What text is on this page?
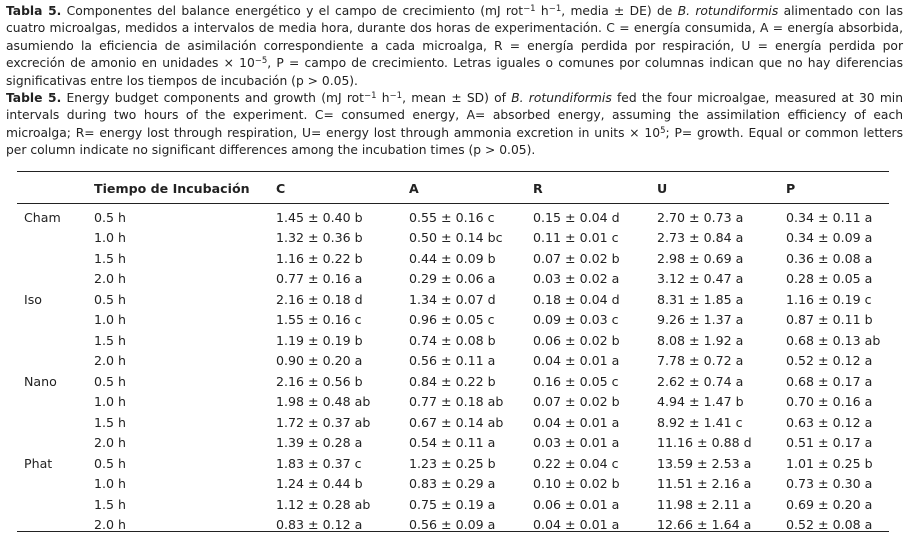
Tabla 5. Componentes del balance energético y el campo de crecimiento (mJ rot$^{-1}$ $h^{-1}$, media ± DE) de B. rotundiformis alimentado con las cuatro microalgas, medidos a intervalos de media hora, durante dos horas de experimentación. C = energía consumida, A = energía absorbida, asumiendo la eficiencia de asimilación correspondiente a cada microalga, R = energía perdida por respiración, U = energía perdida por excreción de amonio en unidades × $10^{-5}$, P = campo de crecimiento. Letras iguales o comunes por columnas indican que no hay diferencias significativas entre los tiempos de incubación (p > 0.05).

Table 5. Energy budget components and growth (mJ rot$^{-1}$ $h^{-1}$, mean ± SD) of B. rotundiformis fed the four microalgae, measured at 30 min intervals during two hours of the experiment. C= consumed energy, A= absorbed energy, assuming the assimilation efficiency of each microalga; R= energy lost through respiration, U= energy lost through ammonia excretion in units × $10^5$; P= growth. Equal or common letters per column indicate no significant differences among the incubation times (p > 0.05).

	Tiempo de Incubación	C	A	R	U	P
Cham	0.5 h	1.45 ± 0.40 b	0.55 ± 0.16 c	0.15 ± 0.04 d	2.70 ± 0.73 a	0.34 ± 0.11 a
	1.0 h	1.32 ± 0.36 b	0.50 ± 0.14 bc	0.11 ± 0.01 c	2.73 ± 0.84 a	0.34 ± 0.09 a
	1.5 h	1.16 ± 0.22 b	0.44 ± 0.09 b	0.07 ± 0.02 b	2.98 ± 0.69 a	0.36 ± 0.08 a
	2.0 h	0.77 ± 0.16 a	0.29 ± 0.06 a	0.03 ± 0.02 a	3.12 ± 0.47 a	0.28 ± 0.05 a
Iso	0.5 h	2.16 ± 0.18 d	1.34 ± 0.07 d	0.18 ± 0.04 d	8.31 ± 1.85 a	1.16 ± 0.19 c
	1.0 h	1.55 ± 0.16 c	0.96 ± 0.05 c	0.09 ± 0.03 c	9.26 ± 1.37 a	0.87 ± 0.11 b
	1.5 h	1.19 ± 0.19 b	0.74 ± 0.08 b	0.06 ± 0.02 b	8.08 ± 1.92 a	0.68 ± 0.13 ab
	2.0 h	0.90 ± 0.20 a	0.56 ± 0.11 a	0.04 ± 0.01 a	7.78 ± 0.72 a	0.52 ± 0.12 a
Nano	0.5 h	2.16 ± 0.56 b	0.84 ± 0.22 b	0.16 ± 0.05 c	2.62 ± 0.74 a	0.68 ± 0.17 a
	1.0 h	1.98 ± 0.48 ab	0.77 ± 0.18 ab	0.07 ± 0.02 b	4.94 ± 1.47 b	0.70 ± 0.16 a
	1.5 h	1.72 ± 0.37 ab	0.67 ± 0.14 ab	0.04 ± 0.01 a	8.92 ± 1.41 c	0.63 ± 0.12 a
	2.0 h	1.39 ± 0.28 a	0.54 ± 0.11 a	0.03 ± 0.01 a	11.16 ± 0.88 d	0.51 ± 0.17 a
Phat	0.5 h	1.83 ± 0.37 c	1.23 ± 0.25 b	0.22 ± 0.04 c	13.59 ± 2.53 a	1.01 ± 0.25 b
	1.0 h	1.24 ± 0.44 b	0.83 ± 0.29 a	0.10 ± 0.02 b	11.51 ± 2.16 a	0.73 ± 0.30 a
	1.5 h	1.12 ± 0.28 ab	0.75 ± 0.19 a	0.06 ± 0.01 a	11.98 ± 2.11 a	0.69 ± 0.20 a
	2.0 h	0.83 ± 0.12 a	0.56 ± 0.09 a	0.04 ± 0.01 a	12.66 ± 1.64 a	0.52 ± 0.08 a
